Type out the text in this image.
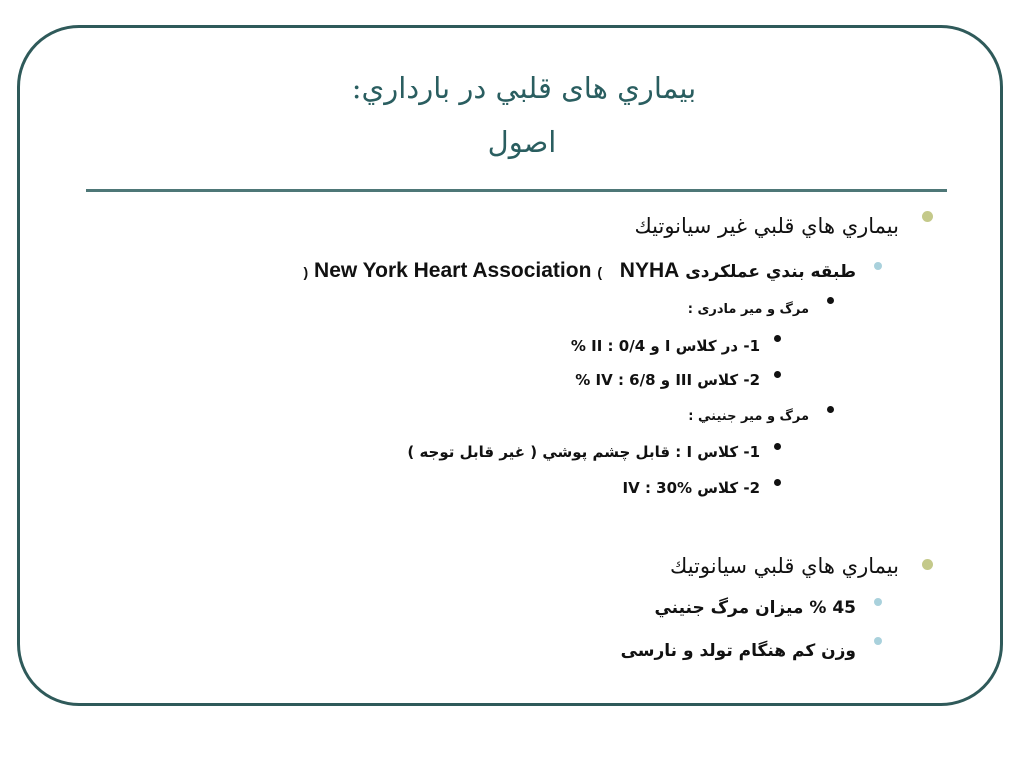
بيماري های قلبي در بارداري:
اصول
بيماري هاي قلبي غير سيانوتيك
طبقه بندي عملكردی NYHA   ( New York Heart Association )
مرگ و مير مادری :
1- در كلاس I و II : 0/4 %
2- كلاس III و IV : 6/8 %
مرگ و مير جنيني :
1- كلاس I : قابل چشم پوشي ( غير قابل توجه )
2- كلاس IV : 30%
بيماري هاي قلبي سيانوتيك
45 % ميزان مرگ جنيني
وزن كم هنگام تولد و نارسی
